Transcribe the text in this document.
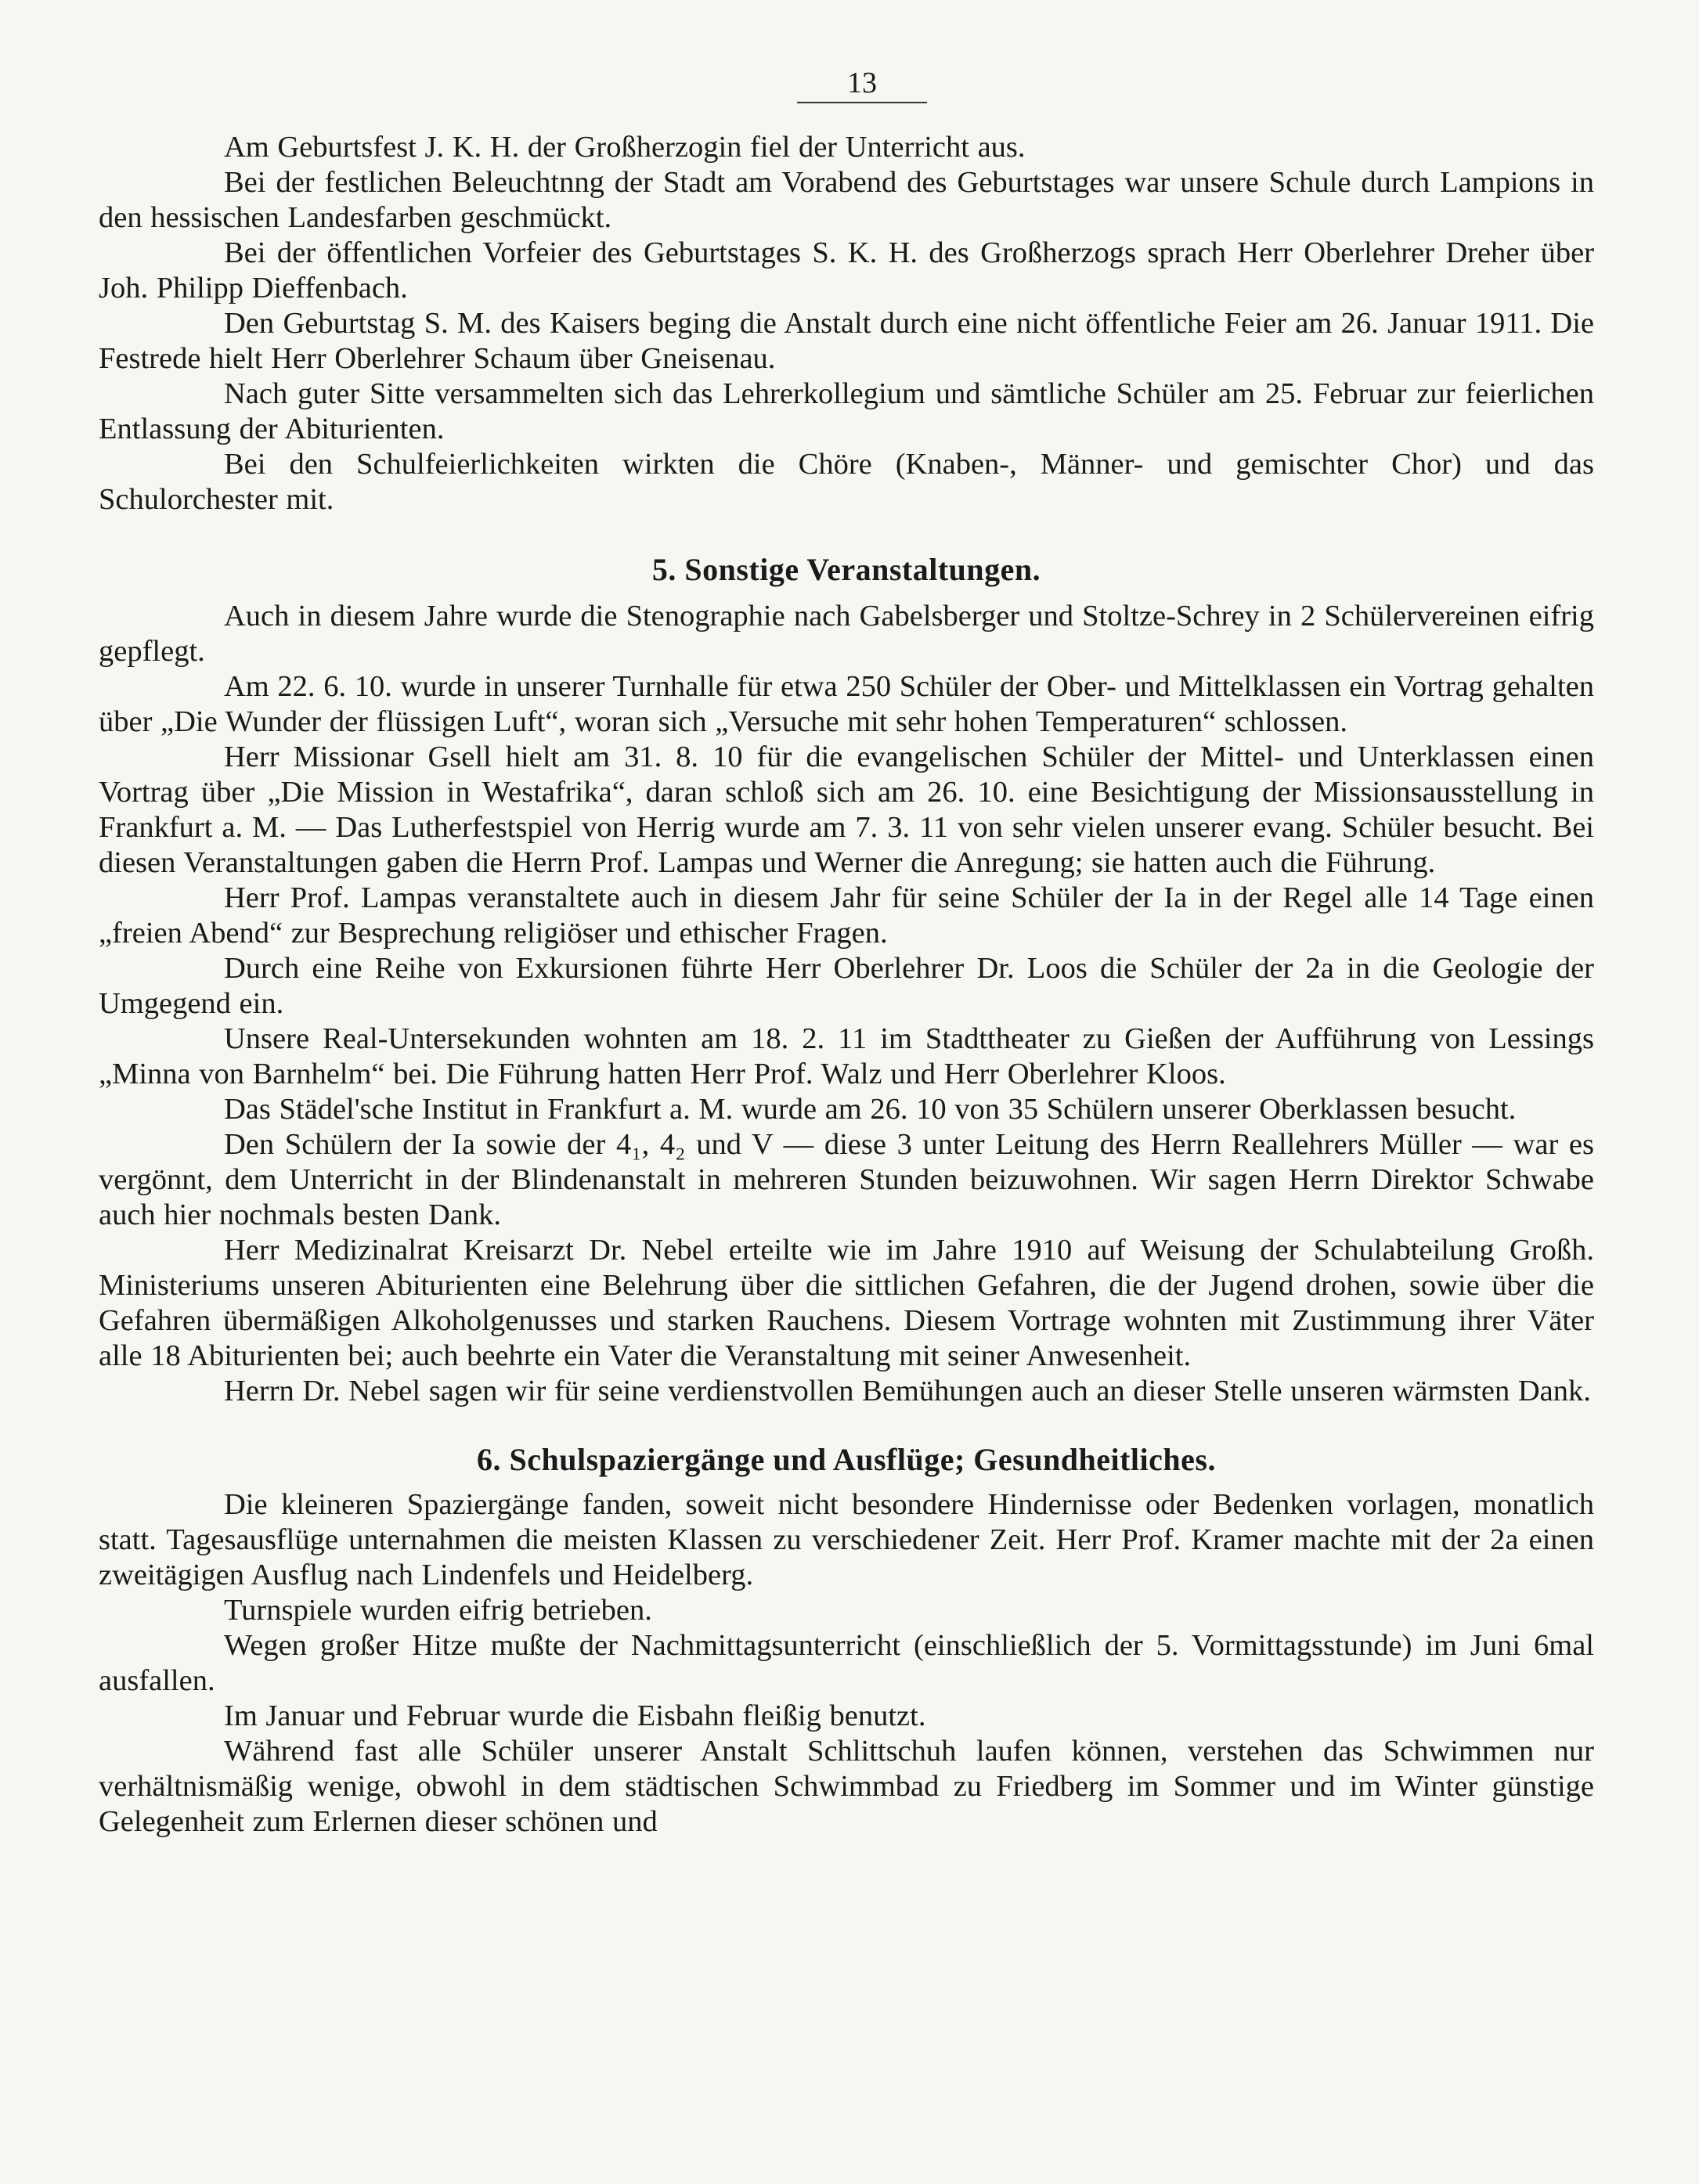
13

Am Geburtsfest J. K. H. der Großherzogin fiel der Unterricht aus.

Bei der festlichen Beleuchtnng der Stadt am Vorabend des Geburtstages war unsere Schule durch Lampions in den hessischen Landesfarben geschmückt.

Bei der öffentlichen Vorfeier des Geburtstages S. K. H. des Großherzogs sprach Herr Oberlehrer Dreher über Joh. Philipp Dieffenbach.

Den Geburtstag S. M. des Kaisers beging die Anstalt durch eine nicht öffentliche Feier am 26. Januar 1911. Die Festrede hielt Herr Oberlehrer Schaum über Gneisenau.

Nach guter Sitte versammelten sich das Lehrerkollegium und sämtliche Schüler am 25. Februar zur feierlichen Entlassung der Abiturienten.

Bei den Schulfeierlichkeiten wirkten die Chöre (Knaben-, Männer- und gemischter Chor) und das Schulorchester mit.

5. Sonstige Veranstaltungen.

Auch in diesem Jahre wurde die Stenographie nach Gabelsberger und Stoltze-Schrey in 2 Schülervereinen eifrig gepflegt.

Am 22. 6. 10. wurde in unserer Turnhalle für etwa 250 Schüler der Ober- und Mittelklassen ein Vortrag gehalten über „Die Wunder der flüssigen Luft“, woran sich „Versuche mit sehr hohen Temperaturen“ schlossen.

Herr Missionar Gsell hielt am 31. 8. 10 für die evangelischen Schüler der Mittel- und Unterklassen einen Vortrag über „Die Mission in Westafrika“, daran schloß sich am 26. 10. eine Besichtigung der Missionsausstellung in Frankfurt a. M. — Das Lutherfestspiel von Herrig wurde am 7. 3. 11 von sehr vielen unserer evang. Schüler besucht. Bei diesen Veranstaltungen gaben die Herrn Prof. Lampas und Werner die Anregung; sie hatten auch die Führung.

Herr Prof. Lampas veranstaltete auch in diesem Jahr für seine Schüler der Ia in der Regel alle 14 Tage einen „freien Abend“ zur Besprechung religiöser und ethischer Fragen.

Durch eine Reihe von Exkursionen führte Herr Oberlehrer Dr. Loos die Schüler der 2a in die Geologie der Umgegend ein.

Unsere Real-Untersekunden wohnten am 18. 2. 11 im Stadttheater zu Gießen der Aufführung von Lessings „Minna von Barnhelm“ bei. Die Führung hatten Herr Prof. Walz und Herr Oberlehrer Kloos.

Das Städel'sche Institut in Frankfurt a. M. wurde am 26. 10 von 35 Schülern unserer Oberklassen besucht.

Den Schülern der Ia sowie der 4₁, 4₂ und V — diese 3 unter Leitung des Herrn Reallehrers Müller — war es vergönnt, dem Unterricht in der Blindenanstalt in mehreren Stunden beizuwohnen. Wir sagen Herrn Direktor Schwabe auch hier nochmals besten Dank.

Herr Medizinalrat Kreisarzt Dr. Nebel erteilte wie im Jahre 1910 auf Weisung der Schulabteilung Großh. Ministeriums unseren Abiturienten eine Belehrung über die sittlichen Gefahren, die der Jugend drohen, sowie über die Gefahren übermäßigen Alkoholgenusses und starken Rauchens. Diesem Vortrage wohnten mit Zustimmung ihrer Väter alle 18 Abiturienten bei; auch beehrte ein Vater die Veranstaltung mit seiner Anwesenheit.

Herrn Dr. Nebel sagen wir für seine verdienstvollen Bemühungen auch an dieser Stelle unseren wärmsten Dank.

6. Schulspaziergänge und Ausflüge; Gesundheitliches.

Die kleineren Spaziergänge fanden, soweit nicht besondere Hindernisse oder Bedenken vorlagen, monatlich statt. Tagesausflüge unternahmen die meisten Klassen zu verschiedener Zeit. Herr Prof. Kramer machte mit der 2a einen zweitägigen Ausflug nach Lindenfels und Heidelberg.

Turnspiele wurden eifrig betrieben.

Wegen großer Hitze mußte der Nachmittagsunterricht (einschließlich der 5. Vormittagsstunde) im Juni 6mal ausfallen.

Im Januar und Februar wurde die Eisbahn fleißig benutzt.

Während fast alle Schüler unserer Anstalt Schlittschuh laufen können, verstehen das Schwimmen nur verhältnismäßig wenige, obwohl in dem städtischen Schwimmbad zu Friedberg im Sommer und im Winter günstige Gelegenheit zum Erlernen dieser schönen und
